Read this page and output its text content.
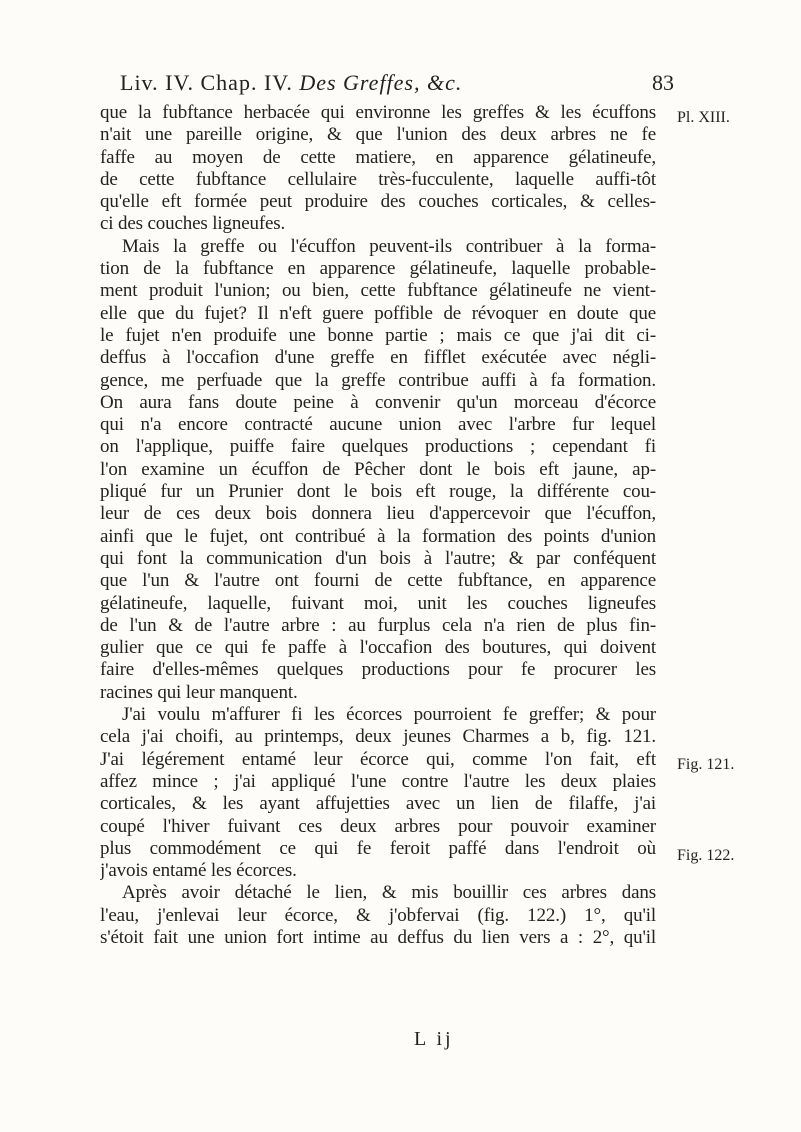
Liv. IV. Chap. IV. Des Greffes, &c.	83
Pl. XIII.
Fig. 121.
Fig. 122.
que la fubftance herbacée qui environne les greffes & les écuffons
n'ait une pareille origine, & que l'union des deux arbres ne fe
faffe au moyen de cette matiere, en apparence gélatineufe,
de cette fubftance cellulaire très-fucculente, laquelle auffi-tôt
qu'elle eft formée peut produire des couches corticales, & celles-
ci des couches ligneufes.
Mais la greffe ou l'écuffon peuvent-ils contribuer à la forma-
tion de la fubftance en apparence gélatineufe, laquelle probable-
ment produit l'union; ou bien, cette fubftance gélatineufe ne vient-
elle que du fujet? Il n'eft guere poffible de révoquer en doute que
le fujet n'en produife une bonne partie ; mais ce que j'ai dit ci-
deffus à l'occafion d'une greffe en fifflet exécutée avec négli-
gence, me perfuade que la greffe contribue auffi à fa formation.
On aura fans doute peine à convenir qu'un morceau d'écorce
qui n'a encore contracté aucune union avec l'arbre fur lequel
on l'applique, puiffe faire quelques productions ; cependant fi
l'on examine un écuffon de Pêcher dont le bois eft jaune, ap-
pliqué fur un Prunier dont le bois eft rouge, la différente cou-
leur de ces deux bois donnera lieu d'appercevoir que l'écuffon,
ainfi que le fujet, ont contribué à la formation des points d'union
qui font la communication d'un bois à l'autre; & par conféquent
que l'un & l'autre ont fourni de cette fubftance, en apparence
gélatineufe, laquelle, fuivant moi, unit les couches ligneufes
de l'un & de l'autre arbre : au furplus cela n'a rien de plus fin-
gulier que ce qui fe paffe à l'occafion des boutures, qui doivent
faire d'elles-mêmes quelques productions pour fe procurer les
racines qui leur manquent.
J'ai voulu m'affurer fi les écorces pourroient fe greffer; & pour
cela j'ai choifi, au printemps, deux jeunes Charmes a b, fig. 121.
J'ai légérement entamé leur écorce qui, comme l'on fait, eft
affez mince ; j'ai appliqué l'une contre l'autre les deux plaies
corticales, & les ayant affujetties avec un lien de filaffe, j'ai
coupé l'hiver fuivant ces deux arbres pour pouvoir examiner
plus commodément ce qui fe feroit paffé dans l'endroit où
j'avois entamé les écorces.
Après avoir détaché le lien, & mis bouillir ces arbres dans
l'eau, j'enlevai leur écorce, & j'obfervai (fig. 122.) 1°, qu'il
s'étoit fait une union fort intime au deffus du lien vers a : 2°, qu'il
L ij
